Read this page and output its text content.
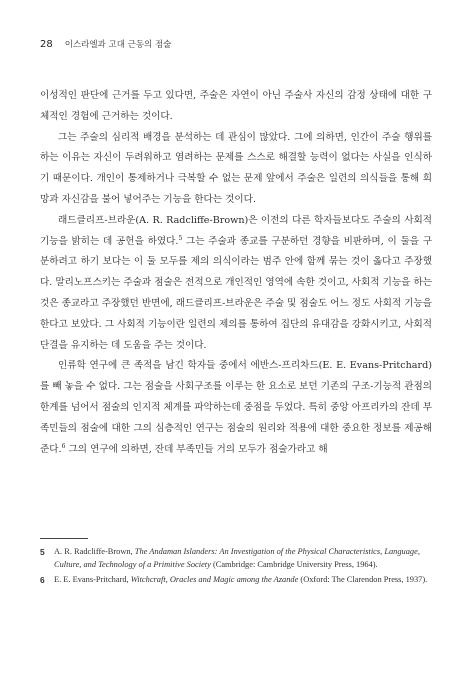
28 이스라엘과 고대 근동의 점술

이성적인 판단에 근거를 두고 있다면, 주술은 자연이 아닌 주술사 자신의 감정 상태에 대한 구체적인 경험에 근거하는 것이다.

그는 주술의 심리적 배경을 분석하는 데 관심이 많았다. 그에 의하면, 인간이 주술 행위를 하는 이유는 자신이 두려워하고 염려하는 문제를 스스로 해결할 능력이 없다는 사실을 인식하기 때문이다. 개인이 통제하거나 극복할 수 없는 문제 앞에서 주술은 일련의 의식들을 통해 희망과 자신감을 불어 넣어주는 기능을 한다는 것이다.

래드클리프-브라운(A. R. Radcliffe-Brown)은 이전의 다른 학자들보다도 주술의 사회적 기능을 밝히는 데 공헌을 하였다.$^5$ 그는 주술과 종교를 구분하던 경향을 비판하며, 이 둘을 구분하려고 하기 보다는 이 둘 모두를 제의 의식이라는 범주 안에 함께 묶는 것이 옳다고 주장했다. 말리노프스키는 주술과 점술은 전적으로 개인적인 영역에 속한 것이고, 사회적 기능을 하는 것은 종교라고 주장했던 반면에, 래드클리프-브라운은 주술 및 점술도 어느 정도 사회적 기능을 한다고 보았다. 그 사회적 기능이란 일련의 제의를 통하여 집단의 유대감을 강화시키고, 사회적 단결을 유지하는 데 도움을 주는 것이다.

인류학 연구에 큰 족적을 남긴 학자들 중에서 에반스-프리차드(E. E. Evans-Pritchard)를 빼 놓을 수 없다. 그는 점술을 사회구조를 이루는 한 요소로 보던 기존의 구조-기능적 관점의 한계를 넘어서 점술의 인지적 체계를 파악하는데 중점을 두었다. 특히 중앙 아프리카의 잔데 부족민들의 점술에 대한 그의 심층적인 연구는 점술의 원리와 적용에 대한 중요한 정보를 제공해 준다.$^6$ 그의 연구에 의하면, 잔데 부족민들 거의 모두가 점술가라고 해

5	A. R. Radcliffe-Brown, The Andaman Islanders: An Investigation of the Physical Characteristics, Language, Culture, and Technology of a Primitive Society (Cambridge: Cambridge University Press, 1964).
6	E. E. Evans-Pritchard, Witchcraft, Oracles and Magic among the Azande (Oxford: The Clarendon Press, 1937).
